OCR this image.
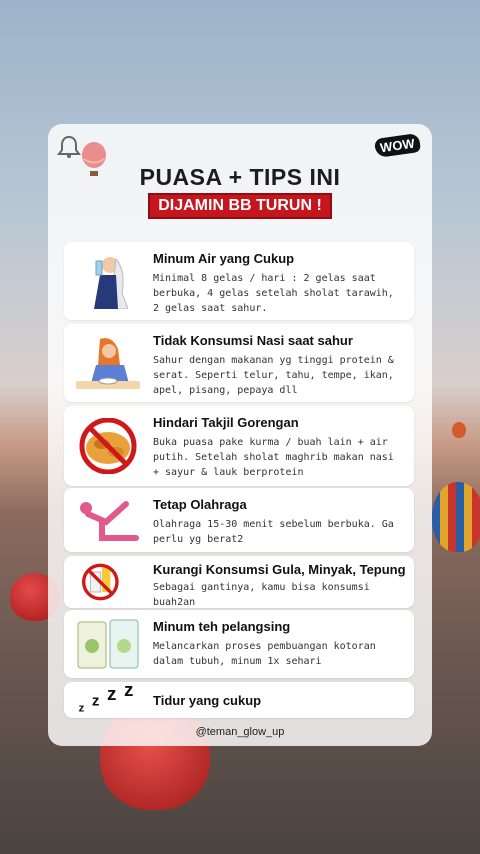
WOW
PUASA + TIPS INI
DIJAMIN BB TURUN !
Minum Air yang Cukup
Minimal 8 gelas / hari : 2 gelas saat berbuka, 4 gelas setelah sholat tarawih, 2 gelas saat sahur.
Tidak Konsumsi Nasi saat sahur
Sahur dengan makanan yg tinggi protein & serat. Seperti telur, tahu, tempe, ikan, apel, pisang, pepaya dll
Hindari Takjil Gorengan
Buka puasa pake kurma / buah lain + air putih. Setelah sholat maghrib makan nasi + sayur & lauk berprotein
Tetap Olahraga
Olahraga 15-30 menit sebelum berbuka. Ga perlu yg berat2
Kurangi Konsumsi Gula, Minyak, Tepung
Sebagai gantinya, kamu bisa konsumsi buah2an
Minum teh pelangsing
Melancarkan proses pembuangan kotoran dalam tubuh, minum 1x sehari
z z z z Tidur yang cukup
@teman_glow_up
